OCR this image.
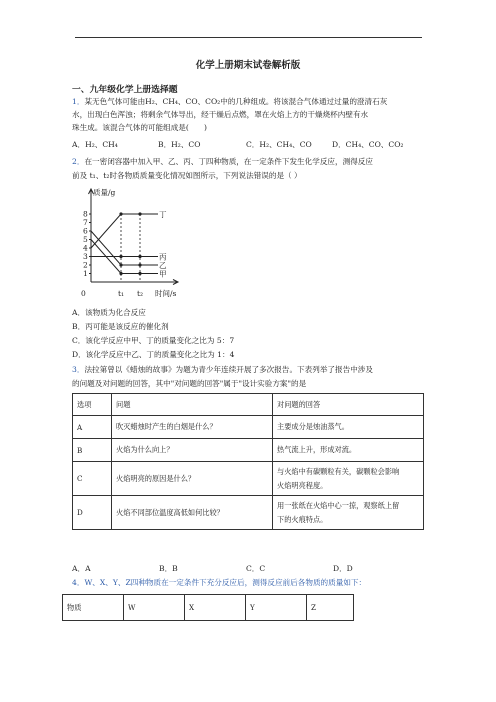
化学上册期末试卷解析版
一、九年级化学上册选择题
1．某无色气体可能由H₂、CH₄、CO、CO₂中的几种组成。将该混合气体通过过量的澄清石灰
水，出现白色浑浊；将剩余气体导出，经干燥后点燃，罩在火焰上方的干燥烧杯内壁有水
珠生成。该混合气体的可能组成是(　　)
A．H₂、CH₄	B．H₂、CO	C．H₂、CH₄、CO	D．CH₄、CO、CO₂
2．在一密闭容器中加入甲、乙、丙、丁四种物质，在一定条件下发生化学反应，测得反应
前及 t₁、t₂时各物质质量变化情况如图所示，下列说法错误的是（ ）
质量/g
时间/s
1
2
3
4
5
6
7
8
0	t₁ t₂
丁
丙
乙
甲
A．该物质为化合反应
B．丙可能是该反应的催化剂
C．该化学反应中甲、丁的质量变化之比为 5：7
D．该化学反应中乙、丁的质量变化之比为 1：4
3．法拉第曾以《蜡烛的故事》为题为青少年连续开展了多次报告。下表列举了报告中涉及
的问题及对问题的回答，其中"对问题的回答"属于"设计实验方案"的是
选项	问题	对问题的回答
A	吹灭蜡烛时产生的白烟是什么？	主要成分是烛油蒸气。
B	火焰为什么向上？	热气流上升，形成对流。
C	火焰明亮的原因是什么？	与火焰中有碳颗粒有关，碳颗粒会影响
火焰明亮程度。

D	火焰不同部位温度高低如何比较？	用一张纸在火焰中心一掠，观察纸上留
下的火痕特点。
A．A	B．B	C．C	D．D
4．W、X、Y、Z四种物质在一定条件下充分反应后，测得反应前后各物质的质量如下：
物质	W	X	Y	Z
